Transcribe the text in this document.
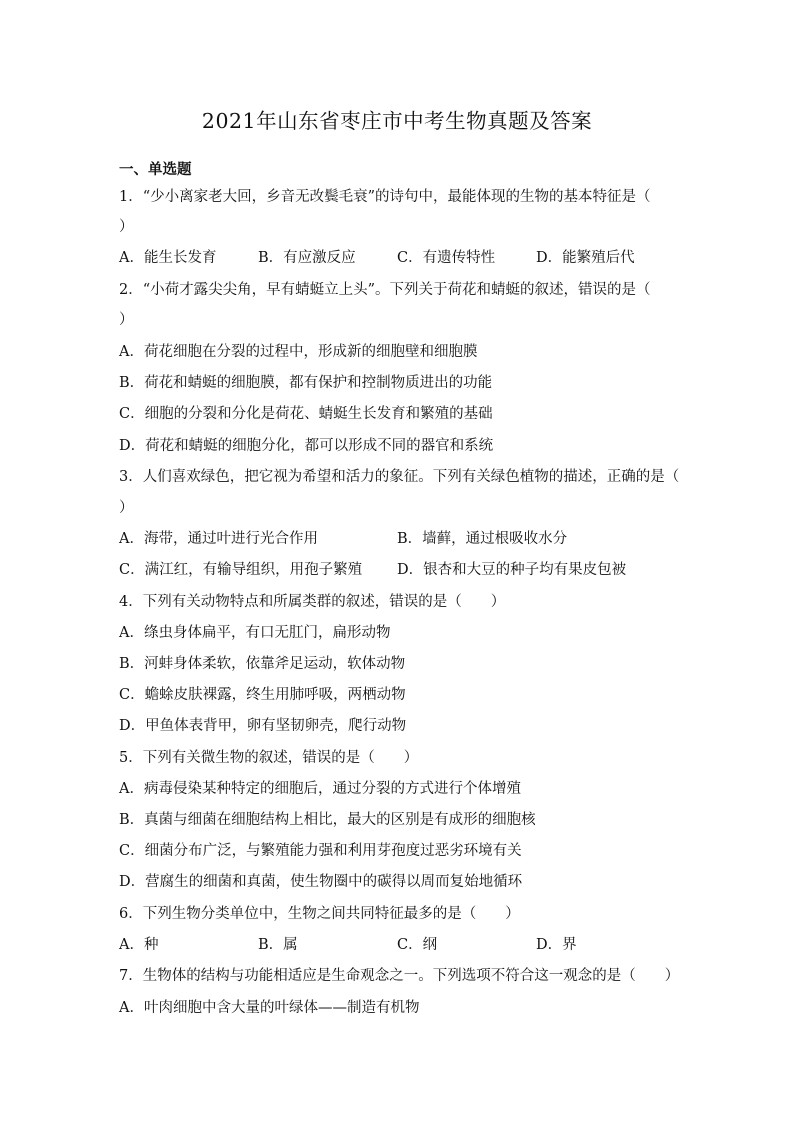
2021年山东省枣庄市中考生物真题及答案
一、单选题
1．“少小离家老大回，乡音无改鬓毛衰”的诗句中，最能体现的生物的基本特征是（
）
A．能生长发育	B．有应激反应	C．有遗传特性	D．能繁殖后代
2．“小荷才露尖尖角，早有蜻蜓立上头”。下列关于荷花和蜻蜓的叙述，错误的是（
）
A．荷花细胞在分裂的过程中，形成新的细胞壁和细胞膜
B．荷花和蜻蜓的细胞膜，都有保护和控制物质进出的功能
C．细胞的分裂和分化是荷花、蜻蜓生长发育和繁殖的基础
D．荷花和蜻蜓的细胞分化，都可以形成不同的器官和系统
3．人们喜欢绿色，把它视为希望和活力的象征。下列有关绿色植物的描述，正确的是（
）
A．海带，通过叶进行光合作用	B．墙藓，通过根吸收水分
C．满江红，有输导组织，用孢子繁殖 D．银杏和大豆的种子均有果皮包被
4．下列有关动物特点和所属类群的叙述，错误的是（　　）
A．绦虫身体扁平，有口无肛门，扁形动物
B．河蚌身体柔软，依靠斧足运动，软体动物
C．蟾蜍皮肤裸露，终生用肺呼吸，两栖动物
D．甲鱼体表背甲，卵有坚韧卵壳，爬行动物
5．下列有关微生物的叙述，错误的是（　　）
A．病毒侵染某种特定的细胞后，通过分裂的方式进行个体增殖
B．真菌与细菌在细胞结构上相比，最大的区别是有成形的细胞核
C．细菌分布广泛，与繁殖能力强和利用芽孢度过恶劣环境有关
D．营腐生的细菌和真菌，使生物圈中的碳得以周而复始地循环
6．下列生物分类单位中，生物之间共同特征最多的是（　　）
A．种	B．属	C．纲	D．界
7．生物体的结构与功能相适应是生命观念之一。下列选项不符合这一观念的是（　　）
A．叶肉细胞中含大量的叶绿体——制造有机物
